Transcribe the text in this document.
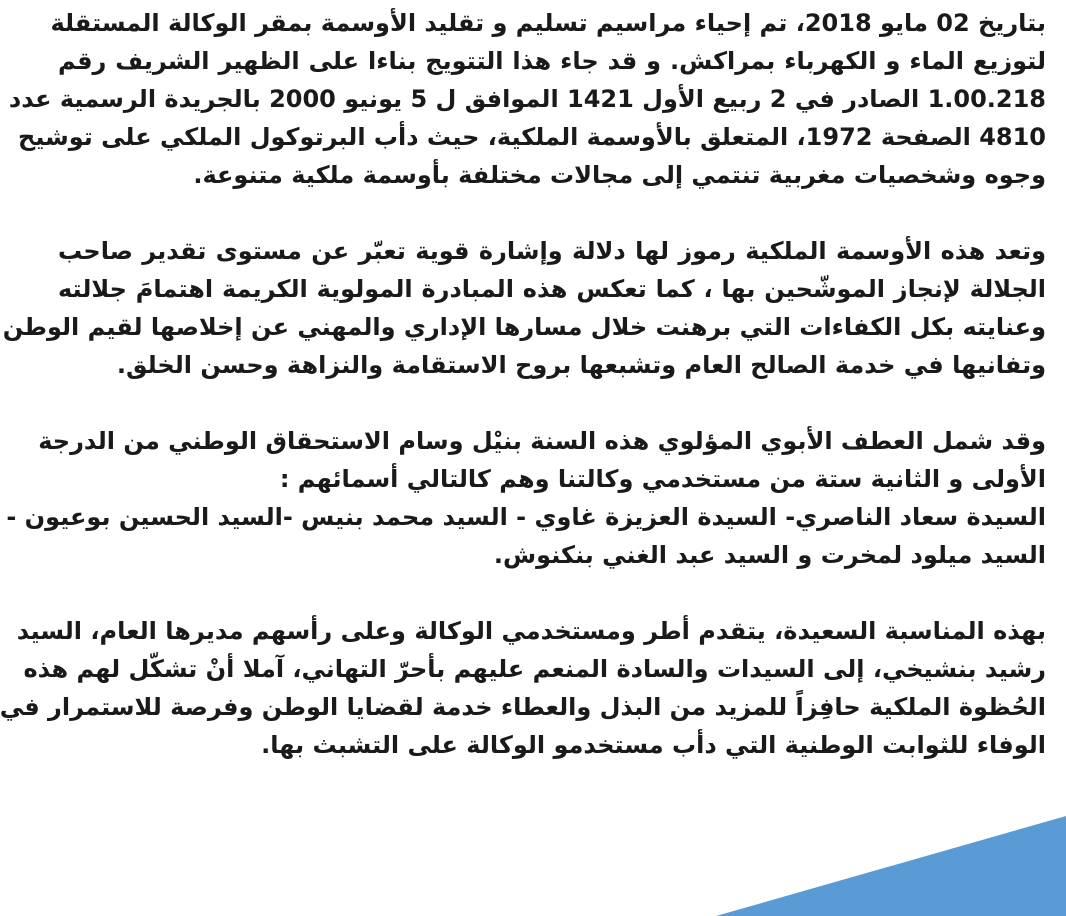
بتاريخ 02 مايو 2018، تم إحياء مراسيم تسليم و تقليد الأوسمة بمقر الوكالة المستقلة
لتوزيع الماء و الكهرباء بمراكش. و قد جاء هذا التتويج بناءا على الظهير الشريف رقم
1.00.218 الصادر في 2 ربيع الأول 1421 الموافق ل 5 يونيو 2000 بالجريدة الرسمية عدد
4810 الصفحة 1972، المتعلق بالأوسمة الملكية، حيث دأب البرتوكول الملكي على توشيح
وجوه وشخصيات مغربية تنتمي إلى مجالات مختلفة بأوسمة ملكية متنوعة.

وتعد هذه الأوسمة الملكية رموز لها دلالة وإشارة قوية تعبّر عن مستوى تقدير صاحب
الجلالة لإنجاز الموشّحين بها ، كما تعكس هذه المبادرة المولوية الكريمة اهتمامَ جلالته
وعنايته بكل الكفاءات التي برهنت خلال مسارها الإداري والمهني عن إخلاصها لقيم الوطن
وتفانيها في خدمة الصالح العام وتشبعها بروح الاستقامة والنزاهة وحسن الخلق.

وقد شمل العطف الأبوي المؤلوي هذه السنة بنيْل وسام الاستحقاق الوطني من الدرجة
الأولى و الثانية ستة من مستخدمي وكالتنا وهم كالتالي أسمائهم :
السيدة سعاد الناصري- السيدة العزيزة غاوي - السيد محمد بنيس -السيد الحسين بوعيون -
السيد ميلود لمخرت و السيد عبد الغني بنكنوش.

بهذه المناسبة السعيدة، يتقدم أطر ومستخدمي الوكالة وعلى رأسهم مديرها العام، السيد
رشيد بنشيخي، إلى السيدات والسادة المنعم عليهم بأحرّ التهاني، آملا أنْ تشكّل لهم هذه
الحُظوة الملكية حافِزاً للمزيد من البذل والعطاء خدمة لقضايا الوطن وفرصة للاستمرار في
الوفاء للثوابت الوطنية التي دأب مستخدمو الوكالة على التشبث بها.
